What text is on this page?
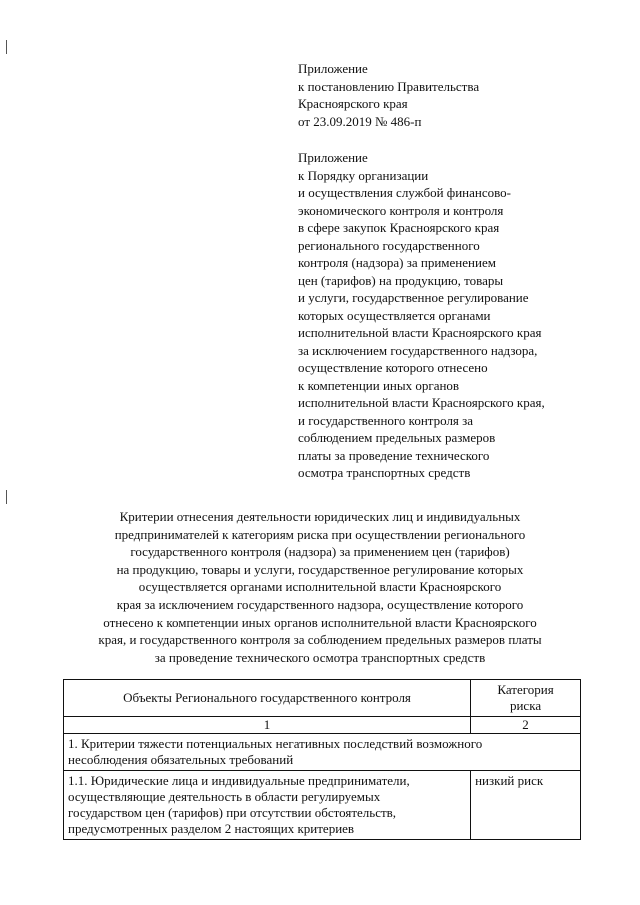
Приложение
к постановлению Правительства
Красноярского края
от 23.09.2019 № 486-п
Приложение
к Порядку организации
и осуществления службой финансово-
экономического контроля и контроля
в сфере закупок Красноярского края
регионального государственного
контроля (надзора) за применением
цен (тарифов) на продукцию, товары
и услуги, государственное регулирование
которых осуществляется органами
исполнительной власти Красноярского края
за исключением государственного надзора,
осуществление которого отнесено
к компетенции иных органов
исполнительной власти Красноярского края,
и государственного контроля за
соблюдением предельных размеров
платы за проведение технического
осмотра транспортных средств
Критерии отнесения деятельности юридических лиц и индивидуальных
предпринимателей к категориям риска при осуществлении регионального
государственного контроля (надзора) за применением цен (тарифов)
на продукцию, товары и услуги, государственное регулирование которых
осуществляется органами исполнительной власти Красноярского
края за исключением государственного надзора, осуществление которого
отнесено к компетенции иных органов исполнительной власти Красноярского
края, и государственного контроля за соблюдением предельных размеров платы
за проведение технического осмотра транспортных средств
Объекты Регионального государственного контроля	Категория
риска

1	2

1. Критерии тяжести потенциальных негативных последствий возможного
несоблюдения обязательных требований	

1.1. Юридические лица и индивидуальные предприниматели,
осуществляющие деятельность в области регулируемых
государством цен (тарифов) при отсутствии обстоятельств,
предусмотренных разделом 2 настоящих критериев	низкий риск
